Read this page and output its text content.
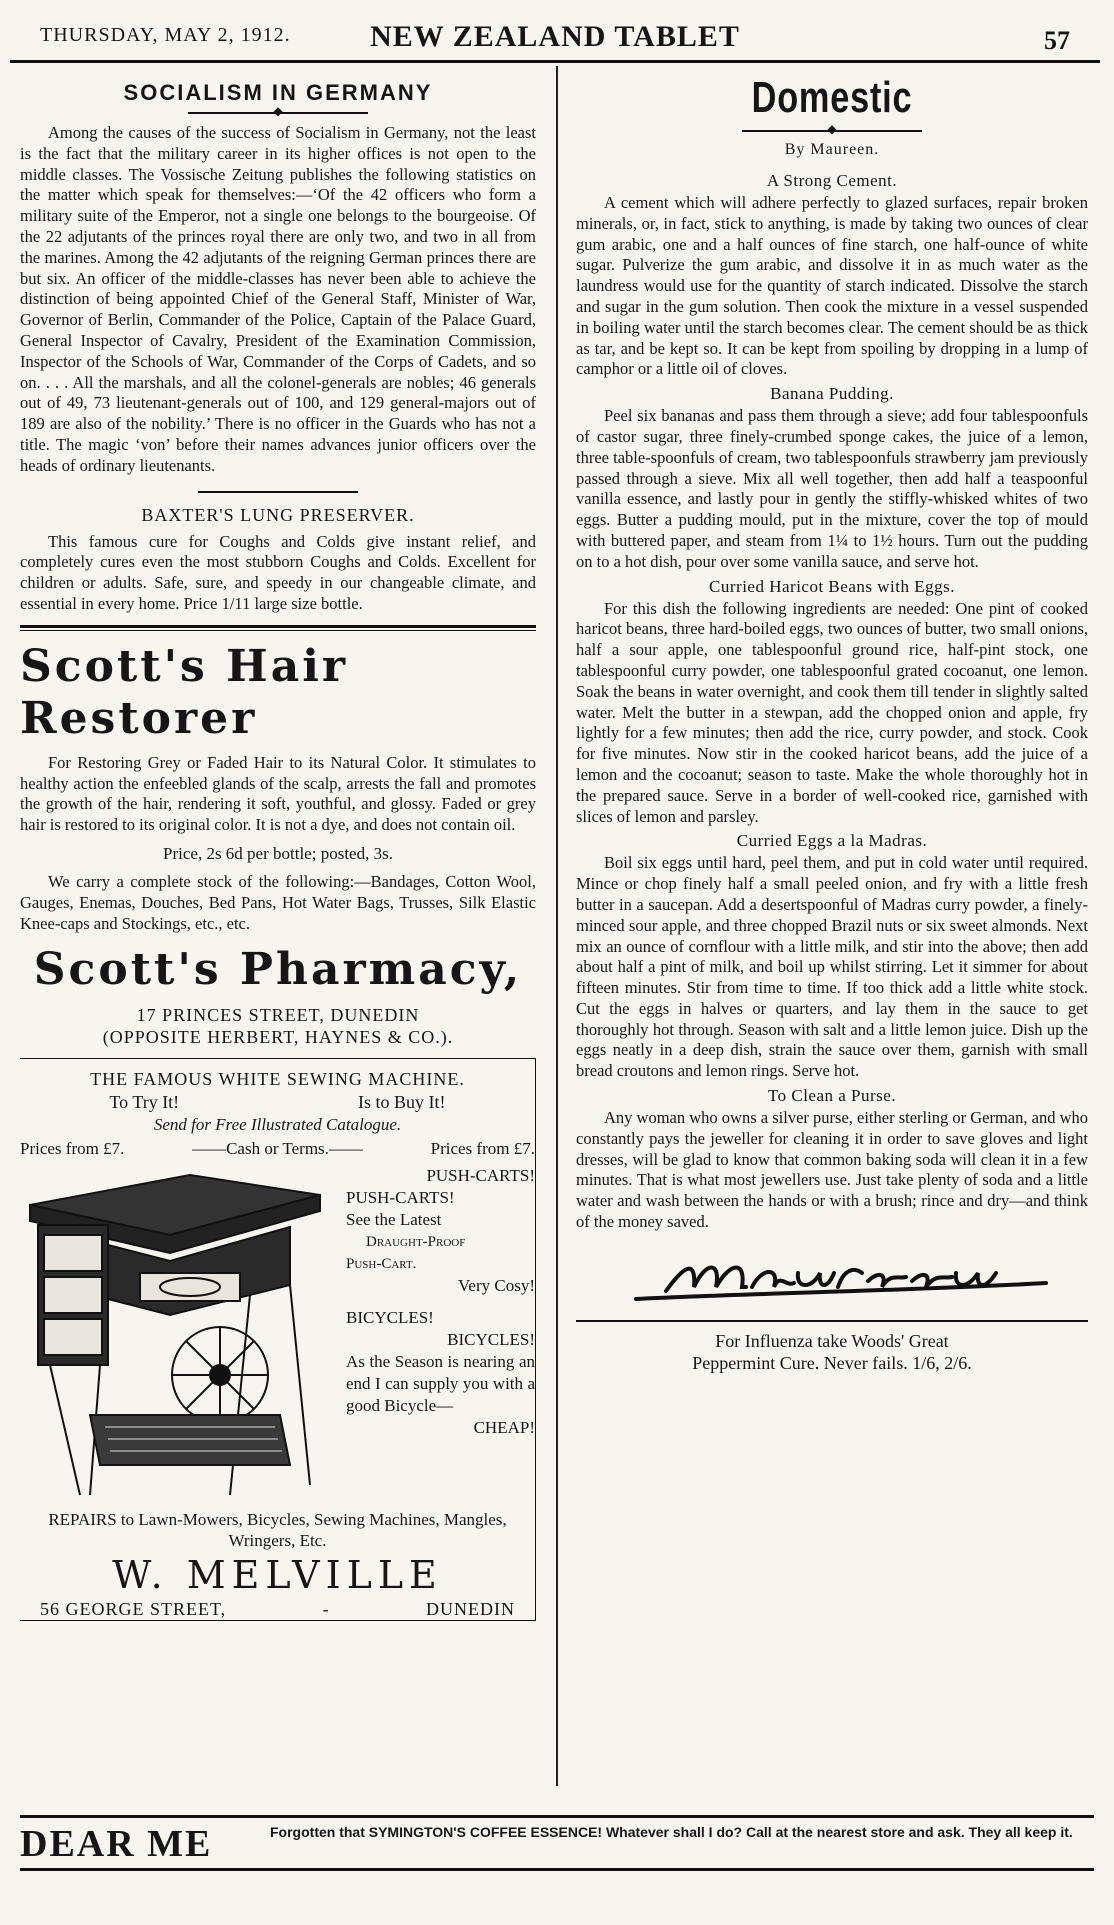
THURSDAY, MAY 2, 1912.	NEW ZEALAND TABLET	57
SOCIALISM IN GERMANY
◆

Among the causes of the success of Socialism in Germany, not the least is the fact that the military career in its higher offices is not open to the middle classes. The Vossische Zeitung publishes the following statistics on the matter which speak for themselves:—‘Of the 42 officers who form a military suite of the Emperor, not a single one belongs to the bourgeoise. Of the 22 adjutants of the princes royal there are only two, and two in all from the marines. Among the 42 adjutants of the reigning German princes there are but six. An officer of the middle-classes has never been able to achieve the distinction of being appointed Chief of the General Staff, Minister of War, Governor of Berlin, Commander of the Police, Captain of the Palace Guard, General Inspector of Cavalry, President of the Examination Commission, Inspector of the Schools of War, Commander of the Corps of Cadets, and so on. . . . All the marshals, and all the colonel-generals are nobles; 46 generals out of 49, 73 lieutenant-generals out of 100, and 129 general-majors out of 189 are also of the nobility.’ There is no officer in the Guards who has not a title. The magic ‘von’ before their names advances junior officers over the heads of ordinary lieutenants.

BAXTER'S LUNG PRESERVER.

This famous cure for Coughs and Colds give instant relief, and completely cures even the most stubborn Coughs and Colds. Excellent for children or adults. Safe, sure, and speedy in our changeable climate, and essential in every home. Price 1/11 large size bottle.

Scott's Hair Restorer

For Restoring Grey or Faded Hair to its Natural Color. It stimulates to healthy action the enfeebled glands of the scalp, arrests the fall and promotes the growth of the hair, rendering it soft, youthful, and glossy. Faded or grey hair is restored to its original color. It is not a dye, and does not contain oil.

Price, 2s 6d per bottle; posted, 3s.

We carry a complete stock of the following:—Bandages, Cotton Wool, Gauges, Enemas, Douches, Bed Pans, Hot Water Bags, Trusses, Silk Elastic Knee-caps and Stockings, etc., etc.

Scott's Pharmacy,
17 PRINCES STREET, DUNEDIN
(OPPOSITE HERBERT, HAYNES & CO.).
THE FAMOUS WHITE SEWING MACHINE.
To Try It!	Is to Buy It!
Send for Free Illustrated Catalogue.
Prices from £7.	——Cash or Terms.——	Prices from £7.
PUSH-CARTS!
PUSH-CARTS!
See the Latest
Draught-Proof
Push-Cart.
Very Cosy!
BICYCLES!
BICYCLES!
As the Season is nearing an end I can supply you with a good Bicycle—
CHEAP!
REPAIRS to Lawn-Mowers, Bicycles, Sewing Machines, Mangles, Wringers, Etc.
W. MELVILLE
56 GEORGE STREET,	-	DUNEDIN
Domestic
◆
By Maureen.
A Strong Cement.

A cement which will adhere perfectly to glazed surfaces, repair broken minerals, or, in fact, stick to anything, is made by taking two ounces of clear gum arabic, one and a half ounces of fine starch, one half-ounce of white sugar. Pulverize the gum arabic, and dissolve it in as much water as the laundress would use for the quantity of starch indicated. Dissolve the starch and sugar in the gum solution. Then cook the mixture in a vessel suspended in boiling water until the starch becomes clear. The cement should be as thick as tar, and be kept so. It can be kept from spoiling by dropping in a lump of camphor or a little oil of cloves.

Banana Pudding.

Peel six bananas and pass them through a sieve; add four tablespoonfuls of castor sugar, three finely-crumbed sponge cakes, the juice of a lemon, three table-spoonfuls of cream, two tablespoonfuls strawberry jam previously passed through a sieve. Mix all well together, then add half a teaspoonful vanilla essence, and lastly pour in gently the stiffly-whisked whites of two eggs. Butter a pudding mould, put in the mixture, cover the top of mould with buttered paper, and steam from 1¼ to 1½ hours. Turn out the pudding on to a hot dish, pour over some vanilla sauce, and serve hot.

Curried Haricot Beans with Eggs.

For this dish the following ingredients are needed: One pint of cooked haricot beans, three hard-boiled eggs, two ounces of butter, two small onions, half a sour apple, one tablespoonful ground rice, half-pint stock, one tablespoonful curry powder, one tablespoonful grated cocoanut, one lemon. Soak the beans in water overnight, and cook them till tender in slightly salted water. Melt the butter in a stewpan, add the chopped onion and apple, fry lightly for a few minutes; then add the rice, curry powder, and stock. Cook for five minutes. Now stir in the cooked haricot beans, add the juice of a lemon and the cocoanut; season to taste. Make the whole thoroughly hot in the prepared sauce. Serve in a border of well-cooked rice, garnished with slices of lemon and parsley.

Curried Eggs a la Madras.

Boil six eggs until hard, peel them, and put in cold water until required. Mince or chop finely half a small peeled onion, and fry with a little fresh butter in a saucepan. Add a desertspoonful of Madras curry powder, a finely-minced sour apple, and three chopped Brazil nuts or six sweet almonds. Next mix an ounce of cornflour with a little milk, and stir into the above; then add about half a pint of milk, and boil up whilst stirring. Let it simmer for about fifteen minutes. Stir from time to time. If too thick add a little white stock. Cut the eggs in halves or quarters, and lay them in the sauce to get thoroughly hot through. Season with salt and a little lemon juice. Dish up the eggs neatly in a deep dish, strain the sauce over them, garnish with small bread croutons and lemon rings. Serve hot.

To Clean a Purse.

Any woman who owns a silver purse, either sterling or German, and who constantly pays the jeweller for cleaning it in order to save gloves and light dresses, will be glad to know that common baking soda will clean it in a few minutes. That is what most jewellers use. Just take plenty of soda and a little water and wash between the hands or with a brush; rince and dry—and think of the money saved.

For Influenza take Woods' Great
Peppermint Cure. Never fails. 1/6, 2/6.
DEAR ME	Forgotten that SYMINGTON'S COFFEE ESSENCE! Whatever shall I do? Call at the nearest store and ask. They all keep it.
